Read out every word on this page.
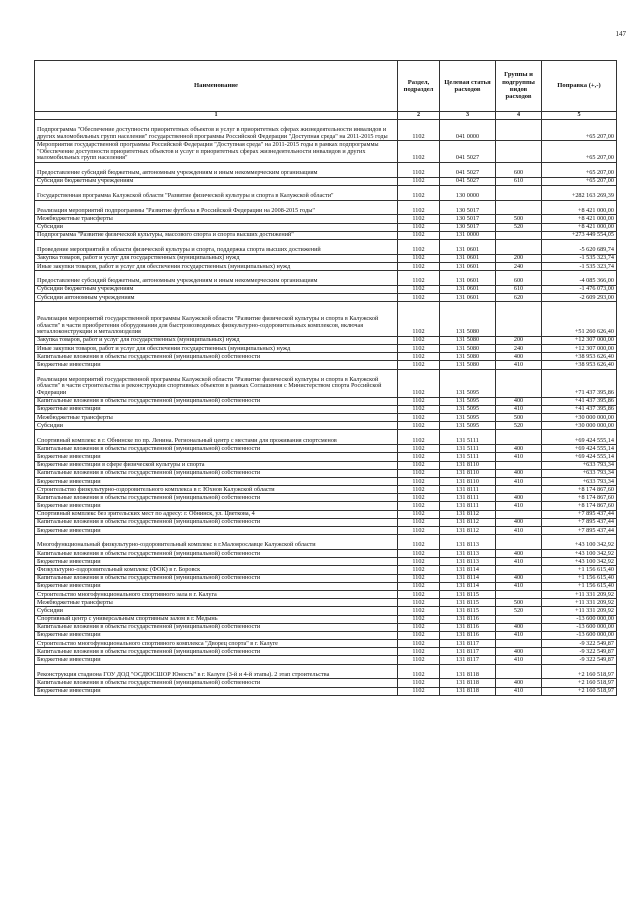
147
Наименование	Раздел, подраздел	Целевая статья расходов	Группы и подгруппы видов расходов	Поправка (+,-)
1	2	3	4	5
Подпрограмма "Обеспечение доступности приоритетных объектов и услуг в приоритетных сферах жизнедеятельности инвалидов и других маломобильных групп населения" государственной программы Российской Федерации "Доступная среда" на 2011-2015 годы	1102	041 0000		+65 207,00
Мероприятия государственной программы Российской Федерации "Доступная среда" на 2011-2015 годы в рамках подпрограммы "Обеспечение доступности приоритетных объектов и услуг в приоритетных сферах жизнедеятельности инвалидов и других маломобильных групп населения"	1102	041 5027		+65 207,00
Предоставление субсидий бюджетным, автономным учреждениям и иным некоммерческим организациям	1102	041 5027	600	+65 207,00
Субсидии бюджетным учреждениям	1102	041 5027	610	+65 207,00
Государственная программа Калужской области "Развитие физической культуры и спорта в Калужской области"	1102	130 0000		+282 163 269,39
Реализация мероприятий подпрограммы "Развитие футбола в Российской Федерации на 2008-2015 годы"	1102	130 5017		+8 421 000,00
Межбюджетные трансферты	1102	130 5017	500	+8 421 000,00
Субсидии	1102	130 5017	520	+8 421 000,00
Подпрограмма "Развитие физической культуры, массового спорта и спорта высших достижений"	1102	131 0000		+273 449 554,05
Проведение мероприятий в области физической культуры и спорта, поддержка спорта высших достижений	1102	131 0601		-5 620 689,74
Закупка товаров, работ и услуг для государственных (муниципальных) нужд	1102	131 0601	200	-1 535 323,74
Иные закупки товаров, работ и услуг для обеспечения государственных (муниципальных) нужд	1102	131 0601	240	-1 535 323,74
Предоставление субсидий бюджетным, автономным учреждениям и иным некоммерческим организациям	1102	131 0601	600	-4 085 366,00
Субсидии бюджетным учреждениям	1102	131 0601	610	-1 476 073,00
Субсидии автономным учреждениям	1102	131 0601	620	-2 609 293,00
Реализация мероприятий государственной программы Калужской области "Развитие физической культуры и спорта в Калужской области" в части приобретения оборудования для быстровозводимых физкультурно-оздоровительных комплексов, включая металлоконструкции и металлоизделия	1102	131 5080		+51 260 626,40
Закупка товаров, работ и услуг для государственных (муниципальных) нужд	1102	131 5080	200	+12 307 000,00
Иные закупки товаров, работ и услуг для обеспечения государственных (муниципальных) нужд	1102	131 5080	240	+12 307 000,00
Капитальные вложения в объекты государственной (муниципальной) собственности	1102	131 5080	400	+38 953 626,40
Бюджетные инвестиции	1102	131 5080	410	+38 953 626,40
Реализация мероприятий государственной программы Калужской области "Развитие физической культуры и спорта в Калужской области" в части строительства и реконструкции спортивных объектов в рамках Соглашения с Министерством спорта Российской Федерации	1102	131 5095		+71 437 395,86
Капитальные вложения в объекты государственной (муниципальной) собственности	1102	131 5095	400	+41 437 395,86
Бюджетные инвестиции	1102	131 5095	410	+41 437 395,86
Межбюджетные трансферты	1102	131 5095	500	+30 000 000,00
Субсидии	1102	131 5095	520	+30 000 000,00
Спортивный комплекс в г. Обнинске по пр. Ленина. Региональный центр с местами для проживания спортсменов	1102	131 5111		+69 424 555,14
Капитальные вложения в объекты государственной (муниципальной) собственности	1102	131 5111	400	+69 424 555,14
Бюджетные инвестиции	1102	131 5111	410	+69 424 555,14
Бюджетные инвестиции в сфере физической культуры и спорта	1102	131 8110		+633 793,34
Капитальные вложения в объекты государственной (муниципальной) собственности	1102	131 8110	400	+633 793,34
Бюджетные инвестиции	1102	131 8110	410	+633 793,34
Строительство физкультурно-оздоровительного комплекса в г. Юхнов Калужской области	1102	131 8111		+8 174 867,60
Капитальные вложения в объекты государственной (муниципальной) собственности	1102	131 8111	400	+8 174 867,60
Бюджетные инвестиции	1102	131 8111	410	+8 174 867,60
Спортивный комплекс без зрительских мест по адресу: г. Обнинск, ул. Цветкова, 4	1102	131 8112		+7 895 437,44
Капитальные вложения в объекты государственной (муниципальной) собственности	1102	131 8112	400	+7 895 437,44
Бюджетные инвестиции	1102	131 8112	410	+7 895 437,44
Многофункциональный физкультурно-оздоровительный комплекс в г.Малоярославце Калужской области	1102	131 8113		+43 100 342,92
Капитальные вложения в объекты государственной (муниципальной) собственности	1102	131 8113	400	+43 100 342,92
Бюджетные инвестиции	1102	131 8113	410	+43 100 342,92
Физкультурно-оздоровительный комплекс (ФОК) в г. Боровск	1102	131 8114		+1 156 615,40
Капитальные вложения в объекты государственной (муниципальной) собственности	1102	131 8114	400	+1 156 615,40
Бюджетные инвестиции	1102	131 8114	410	+1 156 615,40
Строительство многофункционального спортивного зала в г. Калуга	1102	131 8115		+11 331 209,92
Межбюджетные трансферты	1102	131 8115	500	+11 331 209,92
Субсидии	1102	131 8115	520	+11 331 209,92
Спортивный центр с универсальным спортивным залом в г. Медынь	1102	131 8116		-13 600 000,00
Капитальные вложения в объекты государственной (муниципальной) собственности	1102	131 8116	400	-13 600 000,00
Бюджетные инвестиции	1102	131 8116	410	-13 600 000,00
Строительство многофункционального спортивного комплекса "Дворец спорта" в г. Калуге	1102	131 8117		-9 322 549,87
Капитальные вложения в объекты государственной (муниципальной) собственности	1102	131 8117	400	-9 322 549,87
Бюджетные инвестиции	1102	131 8117	410	-9 322 549,87
Реконструкция стадиона ГОУ ДОД "ОСДЮСШОР Юность" в г. Калуге (3-й и 4-й этапы). 2 этап строительства	1102	131 8118		+2 160 518,97
Капитальные вложения в объекты государственной (муниципальной) собственности	1102	131 8118	400	+2 160 518,97
Бюджетные инвестиции	1102	131 8118	410	+2 160 518,97
